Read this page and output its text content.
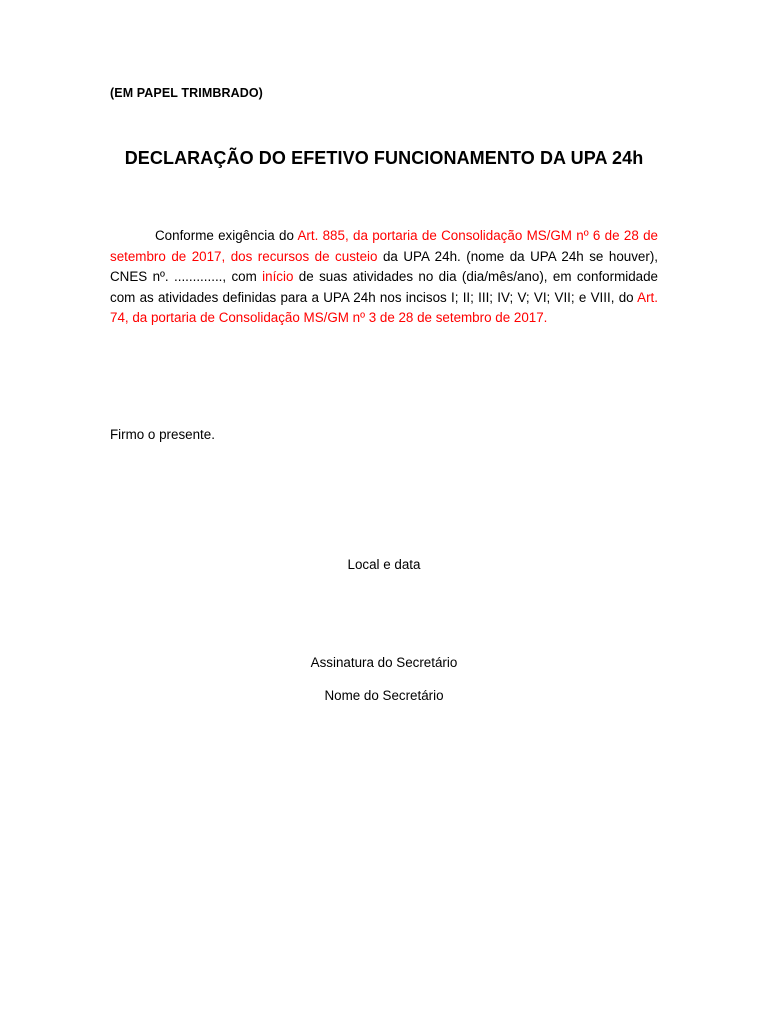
(EM PAPEL TRIMBRADO)
DECLARAÇÃO DO EFETIVO FUNCIONAMENTO DA UPA 24h

Conforme exigência do Art. 885, da portaria de Consolidação MS/GM nº 6 de 28 de setembro de 2017, dos recursos de custeio da UPA 24h. (nome da UPA 24h se houver), CNES nº. ............., com início de suas atividades no dia (dia/mês/ano), em conformidade com as atividades definidas para a UPA 24h nos incisos I; II; III; IV; V; VI; VII; e VIII, do Art. 74, da portaria de Consolidação MS/GM nº 3 de 28 de setembro de 2017.

Firmo o presente.
Local e data
Assinatura do Secretário
Nome do Secretário
